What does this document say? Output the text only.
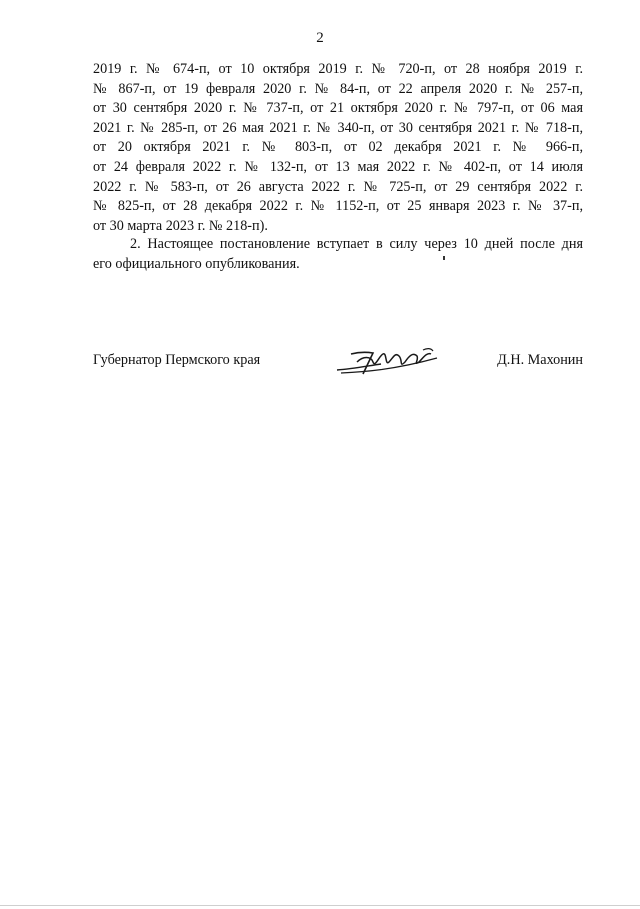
2
2019 г. № 674-п, от 10 октября 2019 г. № 720-п, от 28 ноября 2019 г.
№ 867-п, от 19 февраля 2020 г. № 84-п, от 22 апреля 2020 г. № 257-п,
от 30 сентября 2020 г. № 737-п, от 21 октября 2020 г. № 797-п, от 06 мая
2021 г. № 285-п, от 26 мая 2021 г. № 340-п, от 30 сентября 2021 г. № 718-п,
от 20 октября 2021 г. № 803-п, от 02 декабря 2021 г. № 966-п,
от 24 февраля 2022 г. № 132-п, от 13 мая 2022 г. № 402-п, от 14 июля
2022 г. № 583-п, от 26 августа 2022 г. № 725-п, от 29 сентября 2022 г.
№ 825-п, от 28 декабря 2022 г. № 1152-п, от 25 января 2023 г. № 37-п,
от 30 марта 2023 г. № 218-п).
2. Настоящее постановление вступает в силу через 10 дней после дня
его официального опубликования.
Губернатор Пермского края	Д.Н. Махонин
